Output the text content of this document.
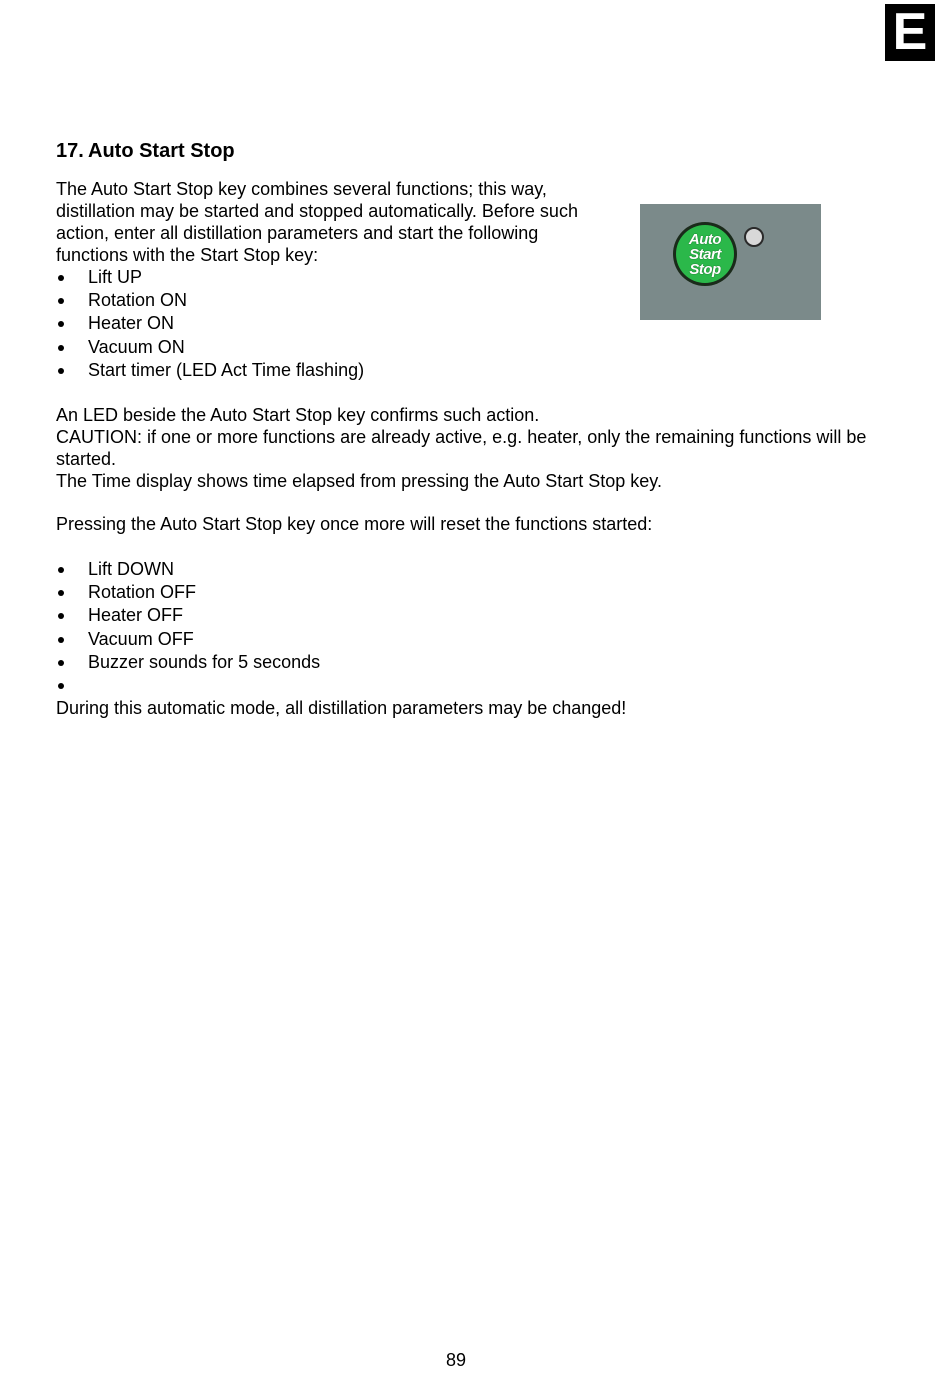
E
17. Auto Start Stop

The Auto Start Stop key combines several functions; this way, distillation may be started and stopped automatically. Before such action, enter all distillation parameters and start the following functions with the Start Stop key:

Auto
Start
Stop
Lift UP
Rotation ON
Heater ON
Vacuum ON
Start timer (LED Act Time flashing)
An LED beside the Auto Start Stop key confirms such action.
CAUTION: if one or more functions are already active, e.g. heater, only the remaining functions will be started.
The Time display shows time elapsed from pressing the Auto Start Stop key.

Pressing the Auto Start Stop key once more will reset the functions started:

Lift DOWN
Rotation OFF
Heater OFF
Vacuum OFF
Buzzer sounds for 5 seconds

During this automatic mode, all distillation parameters may be changed!

89
